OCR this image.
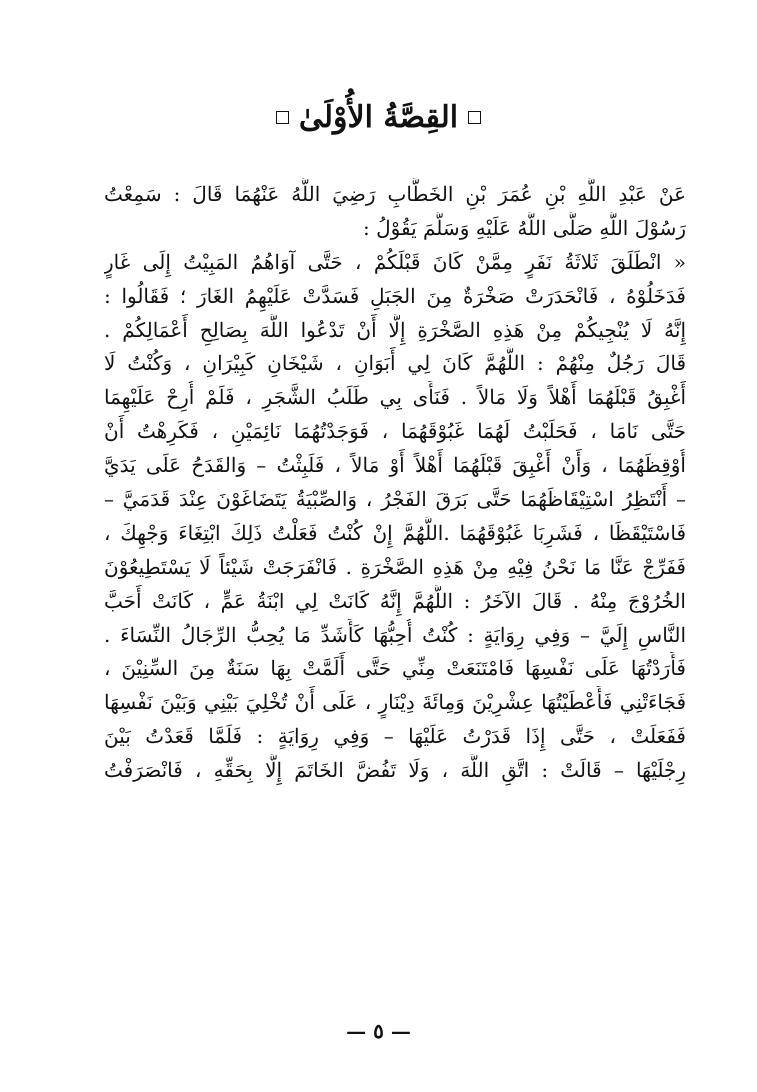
القِصَّةُ الأُوْلَىٰ
عَنْ عَبْدِ اللَّهِ بْنِ عُمَرَ بْنِ الخَطَّابِ رَضِيَ اللَّهُ عَنْهُمَا قَالَ : سَمِعْتُ
رَسُوْلَ اللَّهِ صَلَّى اللَّهُ عَلَيْهِ وَسَلَّمَ يَقُوْلُ :
« انْطَلَقَ ثَلاثَةُ نَفَرٍ مِمَّنْ كَانَ قَبْلَكُمْ ، حَتَّى آوَاهُمُ المَبِيْتُ إِلَى غَارٍ
فَدَخَلُوْهُ ، فَانْحَدَرَتْ صَخْرَةٌ مِنَ الجَبَلِ فَسَدَّتْ عَلَيْهِمُ الغَارَ ؛ فَقَالُوا :
إِنَّهُ لَا يُنْجِيكُمْ مِنْ هَذِهِ الصَّخْرَةِ إِلَّا أَنْ تَدْعُوا اللَّهَ بِصَالِحِ أَعْمَالِكُمْ .
قَالَ رَجُلٌ مِنْهُمْ : اللَّهُمَّ كَانَ لِي أَبَوَانِ ، شَيْخَانِ كَبِيْرَانِ ، وَكُنْتُ لَا
أَغْبِقُ قَبْلَهُمَا أَهْلاً وَلَا مَالاً . فَنَأَى بِي طَلَبُ الشَّجَرِ ، فَلَمْ أُرِحْ عَلَيْهِمَا
حَتَّى نَامَا ، فَحَلَبْتُ لَهُمَا غَبُوْقَهُمَا ، فَوَجَدْتُهُمَا نَائِمَيْنِ ، فَكَرِهْتُ أَنْ
أُوْقِظَهُمَا ، وَأَنْ أَغْبِقَ قَبْلَهُمَا أَهْلاً أَوْ مَالاً ، فَلَبِثْتُ – وَالقَدَحُ عَلَى يَدَيَّ
– أَنْتَظِرُ اسْتِيْقَاظَهُمَا حَتَّى بَرَقَ الفَجْرُ ، وَالصِّبْيَةُ يَتَضَاغَوْنَ عِنْدَ قَدَمَيَّ –
فَاسْتَيْقَظَا ، فَشَرِبَا غَبُوْقَهُمَا .اللَّهُمَّ إِنْ كُنْتُ فَعَلْتُ ذَلِكَ ابْتِغَاءَ وَجْهِكَ ،
فَفَرِّجْ عَنَّا مَا نَحْنُ فِيْهِ مِنْ هَذِهِ الصَّخْرَةِ . فَانْفَرَجَتْ شَيْئاً لَا يَسْتَطِيعُوْنَ
الخُرُوْجَ مِنْهُ . قَالَ الآخَرُ : اللَّهُمَّ إِنَّهُ كَانَتْ لِي ابْنَةُ عَمٍّ ، كَانَتْ أَحَبَّ
النَّاسِ إِلَيَّ – وَفِي رِوَايَةٍ : كُنْتُ أُحِبُّهَا كَأَشَدِّ مَا يُحِبُّ الرِّجَالُ النِّسَاءَ .
فَأَرَدْتُهَا عَلَى نَفْسِهَا فَامْتَنَعَتْ مِنِّي حَتَّى أَلَمَّتْ بِهَا سَنَةٌ مِنَ السِّنِيْنَ ،
فَجَاءَتْنِي فَأَعْطَيْتُهَا عِشْرِيْنَ وَمِائَةَ دِيْنَارٍ ، عَلَى أَنْ تُخْلِيَ بَيْنِي وَبَيْنَ نَفْسِهَا
فَفَعَلَتْ ، حَتَّى إِذَا قَدَرْتُ عَلَيْهَا – وَفِي رِوَايَةٍ : فَلَمَّا قَعَدْتُ بَيْنَ
رِجْلَيْهَا – قَالَتْ : اتَّقِ اللَّهَ ، وَلَا تَفُضَّ الخَاتَمَ إِلَّا بِحَقِّهِ ، فَانْصَرَفْتُ
— ٥ —
